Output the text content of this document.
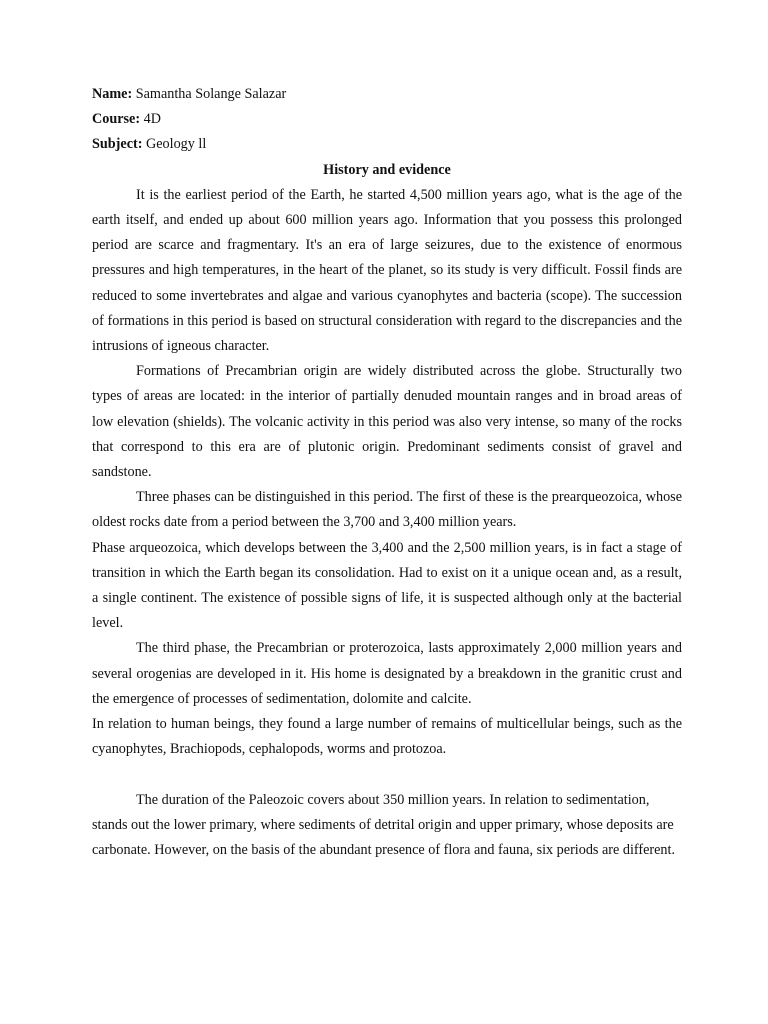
Name: Samantha Solange Salazar

Course: 4D

Subject: Geology ll

History and evidence

It is the earliest period of the Earth, he started 4,500 million years ago, what is the age of the earth itself, and ended up about 600 million years ago. Information that you possess this prolonged period are scarce and fragmentary. It's an era of large seizures, due to the existence of enormous pressures and high temperatures, in the heart of the planet, so its study is very difficult. Fossil finds are reduced to some invertebrates and algae and various cyanophytes and bacteria (scope). The succession of formations in this period is based on structural consideration with regard to the discrepancies and the intrusions of igneous character.

Formations of Precambrian origin are widely distributed across the globe. Structurally two types of areas are located: in the interior of partially denuded mountain ranges and in broad areas of low elevation (shields). The volcanic activity in this period was also very intense, so many of the rocks that correspond to this era are of plutonic origin. Predominant sediments consist of gravel and sandstone.

Three phases can be distinguished in this period. The first of these is the prearqueozoica, whose oldest rocks date from a period between the 3,700 and 3,400 million years.

Phase arqueozoica, which develops between the 3,400 and the 2,500 million years, is in fact a stage of transition in which the Earth began its consolidation. Had to exist on it a unique ocean and, as a result, a single continent. The existence of possible signs of life, it is suspected although only at the bacterial level.

The third phase, the Precambrian or proterozoica, lasts approximately 2,000 million years and several orogenias are developed in it. His home is designated by a breakdown in the granitic crust and the emergence of processes of sedimentation, dolomite and calcite.

In relation to human beings, they found a large number of remains of multicellular beings, such as the cyanophytes, Brachiopods, cephalopods, worms and protozoa.

The duration of the Paleozoic covers about 350 million years. In relation to sedimentation, stands out the lower primary, where sediments of detrital origin and upper primary, whose deposits are carbonate. However, on the basis of the abundant presence of flora and fauna, six periods are different.
